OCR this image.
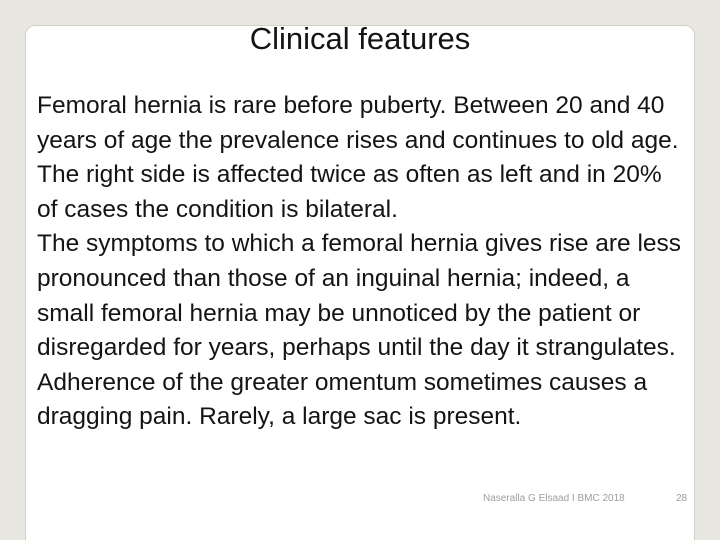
Clinical features

Femoral hernia is rare before puberty. Between 20 and 40 years of age the prevalence rises and continues to old age. The right side is affected twice as often as left and in 20% of cases the condition is bilateral.

The symptoms to which a femoral hernia gives rise are less pronounced than those of an inguinal hernia; indeed, a small femoral hernia may be unnoticed by the patient or disregarded for years, perhaps until the day it strangulates.

Adherence of the greater omentum sometimes causes a dragging pain. Rarely, a large sac is present.

Naseralla G Elsaad I BMC 2018	28
